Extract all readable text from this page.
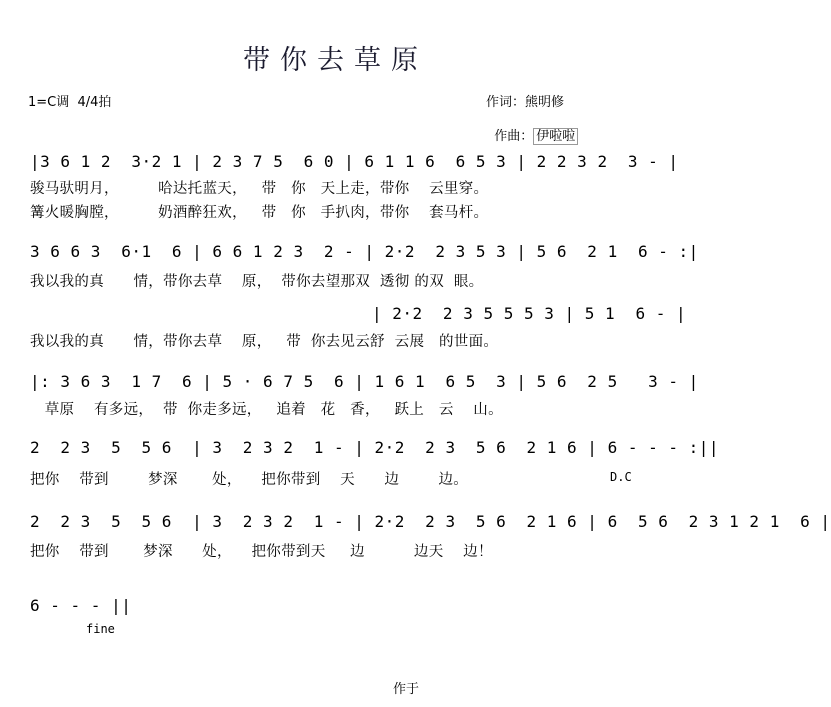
带你去草原
1=C调  4/4拍	作词：熊明修

作曲： 伊啦啦

|3 6 1 2  3·2 1 | 2 3 7 5  6 0 | 6 1 1 6  6 5 3 | 2 2 3 2  3 - |
骏马驮明月，        哈达托蓝天，   带   你   天上走，带你    云里穿。
篝火暖胸膛，        奶酒醉狂欢，   带   你   手扒肉，带你    套马杆。
3 6 6 3  6·1  6 | 6 6 1 2 3  2 - | 2·2  2 3 5 3 | 5 6  2 1  6 - :|
我以我的真      情，带你去草    原，  带你去望那双  透彻 的双  眼。
| 2·2  2 3 5 5 5 3 | 5 1  6 - |
我以我的真      情，带你去草    原，   带  你去见云舒  云展   的世面。
|: 3 6 3  1 7  6 | 5 · 6 7 5  6 | 1 6 1  6 5  3 | 5 6  2 5   3 - |
草原    有多远，  带  你走多远，   追着   花   香，   跃上   云    山。
2  2 3  5  5 6  | 3  2 3 2  1 - | 2·2  2 3  5 6  2 1 6 | 6 - - - :||
把你    带到        梦深       处，    把你带到    天      边        边。	D.C
2  2 3  5  5 6  | 3  2 3 2  1 - | 2·2  2 3  5 6  2 1 6 | 6  5 6  2 3 1 2 1  6 |
把你    带到       梦深      处，    把你带到天     边          边天    边！
6 - - - ||
fine
作于
